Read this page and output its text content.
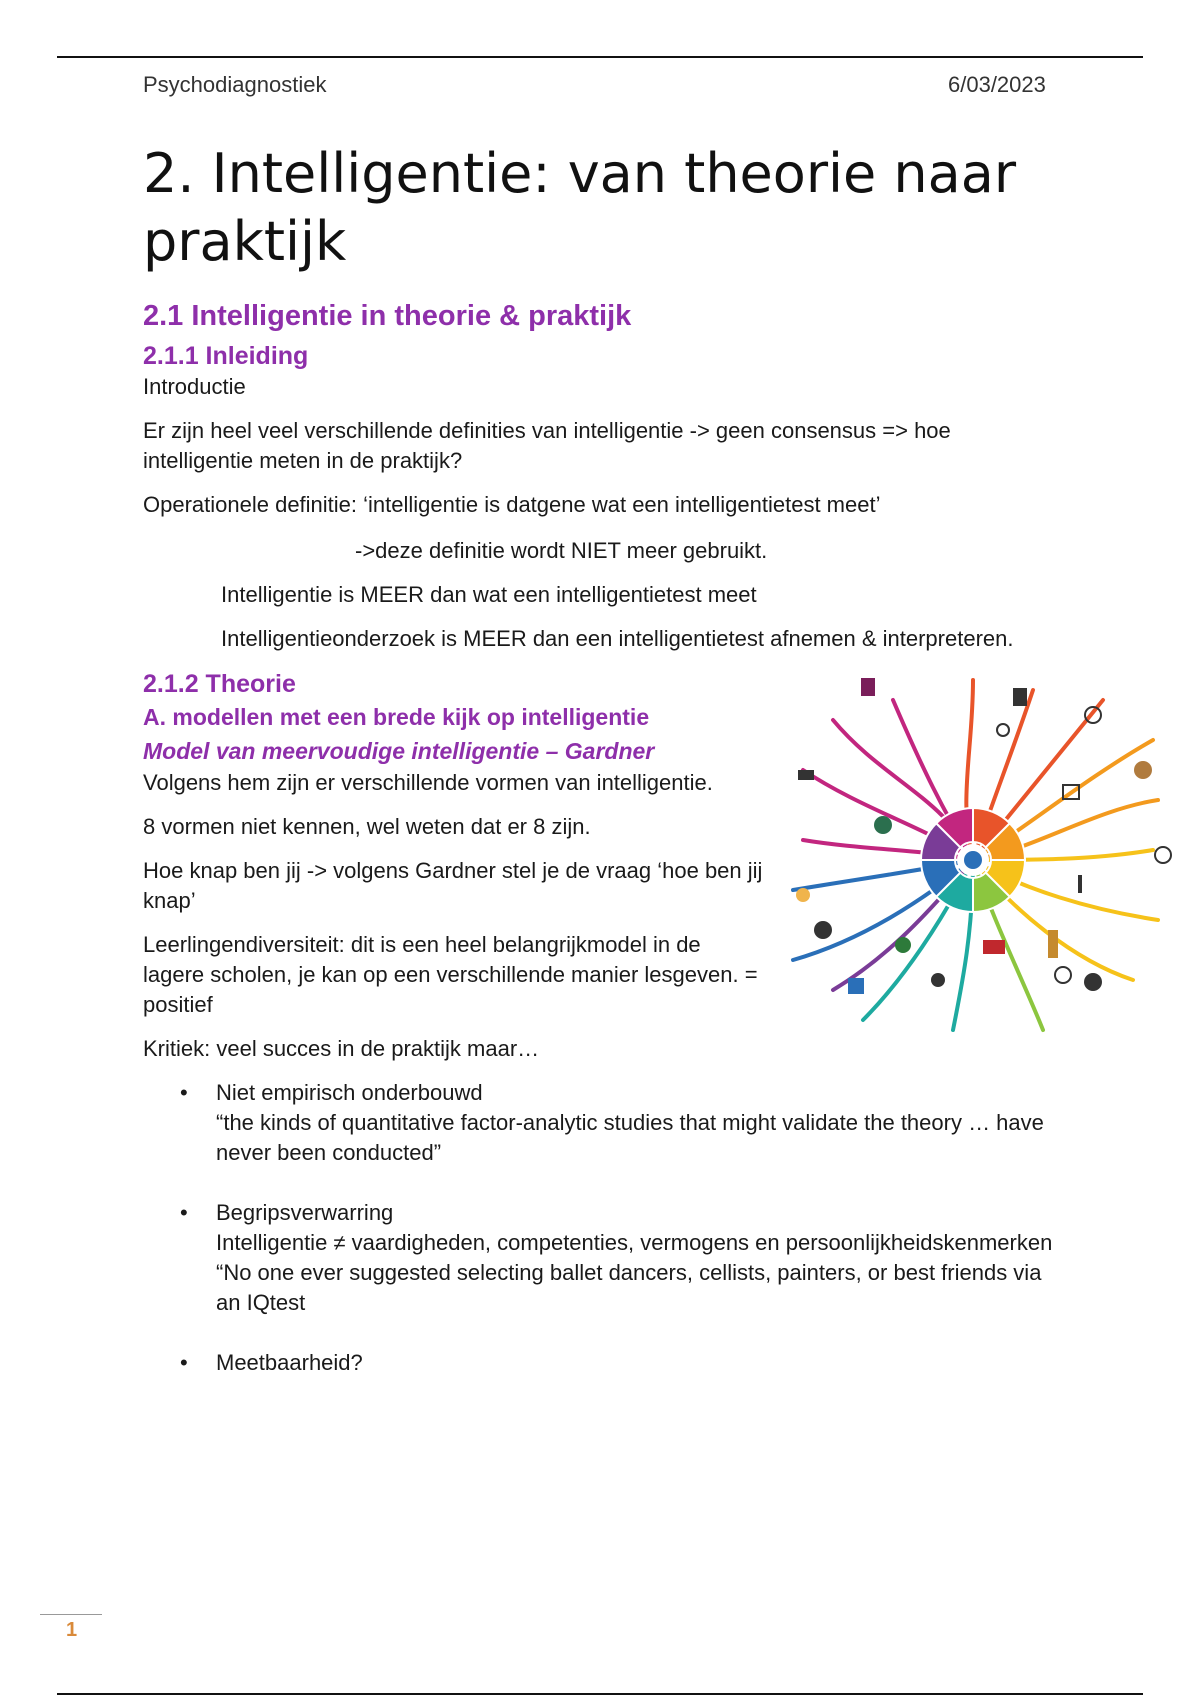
Psychodiagnostiek	6/03/2023
2. Intelligentie: van theorie naar praktijk
2.1 Intelligentie in theorie & praktijk
2.1.1 Inleiding

Introductie

Er zijn heel veel verschillende definities van intelligentie -> geen consensus => hoe intelligentie meten in de praktijk?

Operationele definitie: ‘intelligentie is datgene wat een intelligentietest meet’

->deze definitie wordt NIET meer gebruikt.

Intelligentie is MEER dan wat een intelligentietest meet

Intelligentieonderzoek is MEER dan een intelligentietest afnemen & interpreteren.

2.1.2 Theorie
A. modellen met een brede kijk op intelligentie
Model van meervoudige intelligentie – Gardner

Volgens hem zijn er verschillende vormen van intelligentie.

8 vormen niet kennen, wel weten dat er 8 zijn.

Hoe knap ben jij -> volgens Gardner stel je de vraag ‘hoe ben jij knap’

Leerlingendiversiteit: dit is een heel belangrijkmodel in de lagere scholen, je kan op een verschillende manier lesgeven. = positief

Kritiek: veel succes in de praktijk maar…

• Niet empirisch onderbouwd
“the kinds of quantitative factor-analytic studies that might validate the theory … have never been conducted”
• Begripsverwarring
Intelligentie ≠ vaardigheden, competenties, vermogens en persoonlijkheidskenmerken
“No one ever suggested selecting ballet dancers, cellists, painters, or best friends via an IQtest
• Meetbaarheid?
1
